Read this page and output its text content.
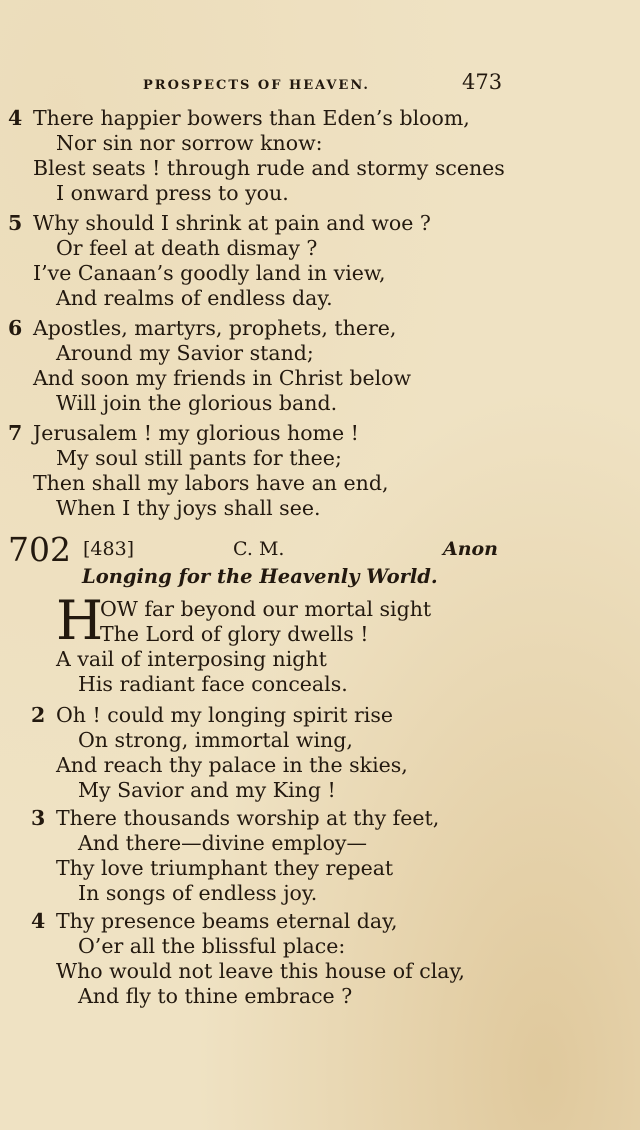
PROSPECTS OF HEAVEN.	473
4 There happier bowers than Eden’s bloom,
Nor sin nor sorrow know:
Blest seats ! through rude and stormy scenes
I onward press to you.
5 Why should I shrink at pain and woe ?
Or feel at death dismay ?
I’ve Canaan’s goodly land in view,
And realms of endless day.
6 Apostles, martyrs, prophets, there,
Around my Savior stand;
And soon my friends in Christ below
Will join the glorious band.
7 Jerusalem ! my glorious home !
My soul still pants for thee;
Then shall my labors have an end,
When I thy joys shall see.
702 [483]	C. M.	Anon
Longing for the Heavenly World.
H
OW far beyond our mortal sight
The Lord of glory dwells !
A vail of interposing night
His radiant face conceals.
2 Oh ! could my longing spirit rise
On strong, immortal wing,
And reach thy palace in the skies,
My Savior and my King !
3 There thousands worship at thy feet,
And there—divine employ—
Thy love triumphant they repeat
In songs of endless joy.
4 Thy presence beams eternal day,
O’er all the blissful place:
Who would not leave this house of clay,
And fly to thine embrace ?
